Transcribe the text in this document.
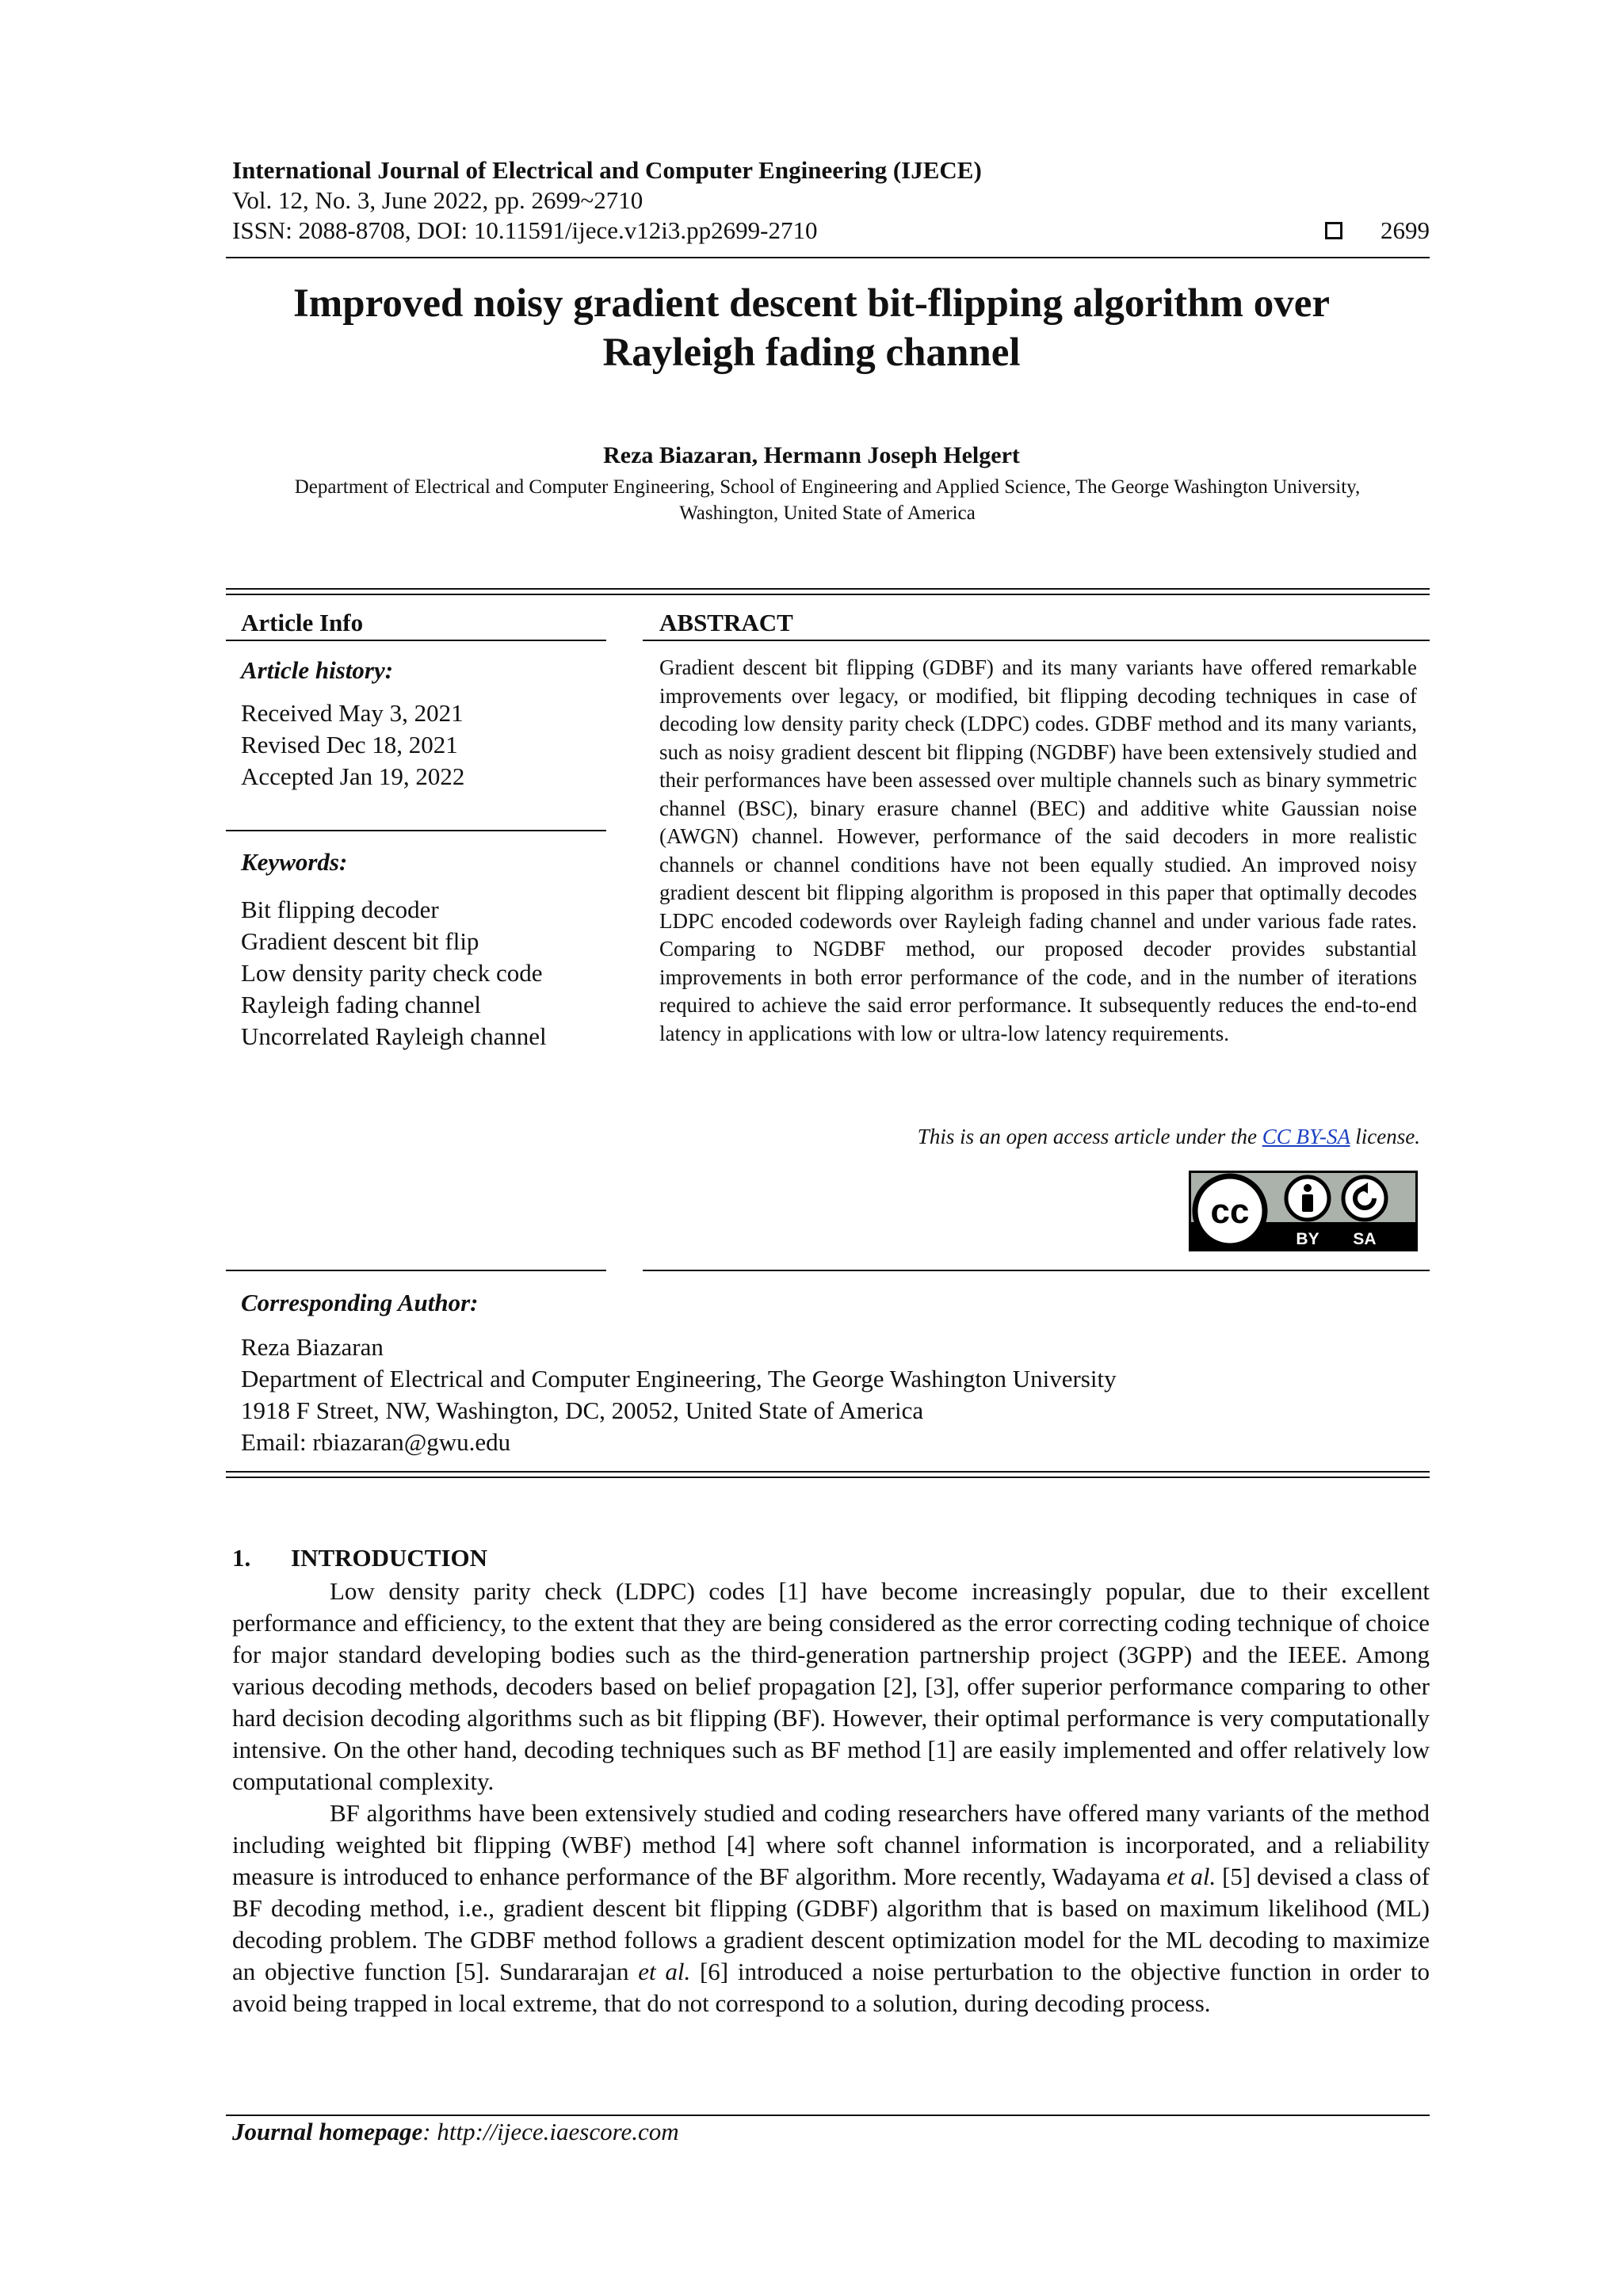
International Journal of Electrical and Computer Engineering (IJECE)
Vol. 12, No. 3, June 2022, pp. 2699~2710
ISSN: 2088-8708, DOI: 10.11591/ijece.v12i3.pp2699-2710	2699
Improved noisy gradient descent bit-flipping algorithm over
Rayleigh fading channel
Reza Biazaran, Hermann Joseph Helgert
Department of Electrical and Computer Engineering, School of Engineering and Applied Science, The George Washington University,
Washington, United State of America
Article Info
Article history:
Received May 3, 2021
Revised Dec 18, 2021
Accepted Jan 19, 2022
Keywords:
Bit flipping decoder
Gradient descent bit flip
Low density parity check code
Rayleigh fading channel
Uncorrelated Rayleigh channel
ABSTRACT
Gradient descent bit flipping (GDBF) and its many variants have offered remarkable improvements over legacy, or modified, bit flipping decoding techniques in case of decoding low density parity check (LDPC) codes. GDBF method and its many variants, such as noisy gradient descent bit flipping (NGDBF) have been extensively studied and their performances have been assessed over multiple channels such as binary symmetric channel (BSC), binary erasure channel (BEC) and additive white Gaussian noise (AWGN) channel. However, performance of the said decoders in more realistic channels or channel conditions have not been equally studied. An improved noisy gradient descent bit flipping algorithm is proposed in this paper that optimally decodes LDPC encoded codewords over Rayleigh fading channel and under various fade rates. Comparing to NGDBF method, our proposed decoder provides substantial improvements in both error performance of the code, and in the number of iterations required to achieve the said error performance. It subsequently reduces the end-to-end latency in applications with low or ultra-low latency requirements.
This is an open access article under the CC BY-SA license.
cc
BY SA
Corresponding Author:
Reza Biazaran
Department of Electrical and Computer Engineering, The George Washington University
1918 F Street, NW, Washington, DC, 20052, United State of America
Email: rbiazaran@gwu.edu
1. INTRODUCTION

Low density parity check (LDPC) codes [1] have become increasingly popular, due to their excellent performance and efficiency, to the extent that they are being considered as the error correcting coding technique of choice for major standard developing bodies such as the third-generation partnership project (3GPP) and the IEEE. Among various decoding methods, decoders based on belief propagation [2], [3], offer superior performance comparing to other hard decision decoding algorithms such as bit flipping (BF). However, their optimal performance is very computationally intensive. On the other hand, decoding techniques such as BF method [1] are easily implemented and offer relatively low computational complexity.

BF algorithms have been extensively studied and coding researchers have offered many variants of the method including weighted bit flipping (WBF) method [4] where soft channel information is incorporated, and a reliability measure is introduced to enhance performance of the BF algorithm. More recently, Wadayama et al. [5] devised a class of BF decoding method, i.e., gradient descent bit flipping (GDBF) algorithm that is based on maximum likelihood (ML) decoding problem. The GDBF method follows a gradient descent optimization model for the ML decoding to maximize an objective function [5]. Sundararajan et al. [6] introduced a noise perturbation to the objective function in order to avoid being trapped in local extreme, that do not correspond to a solution, during decoding process.

Journal homepage: http://ijece.iaescore.com
